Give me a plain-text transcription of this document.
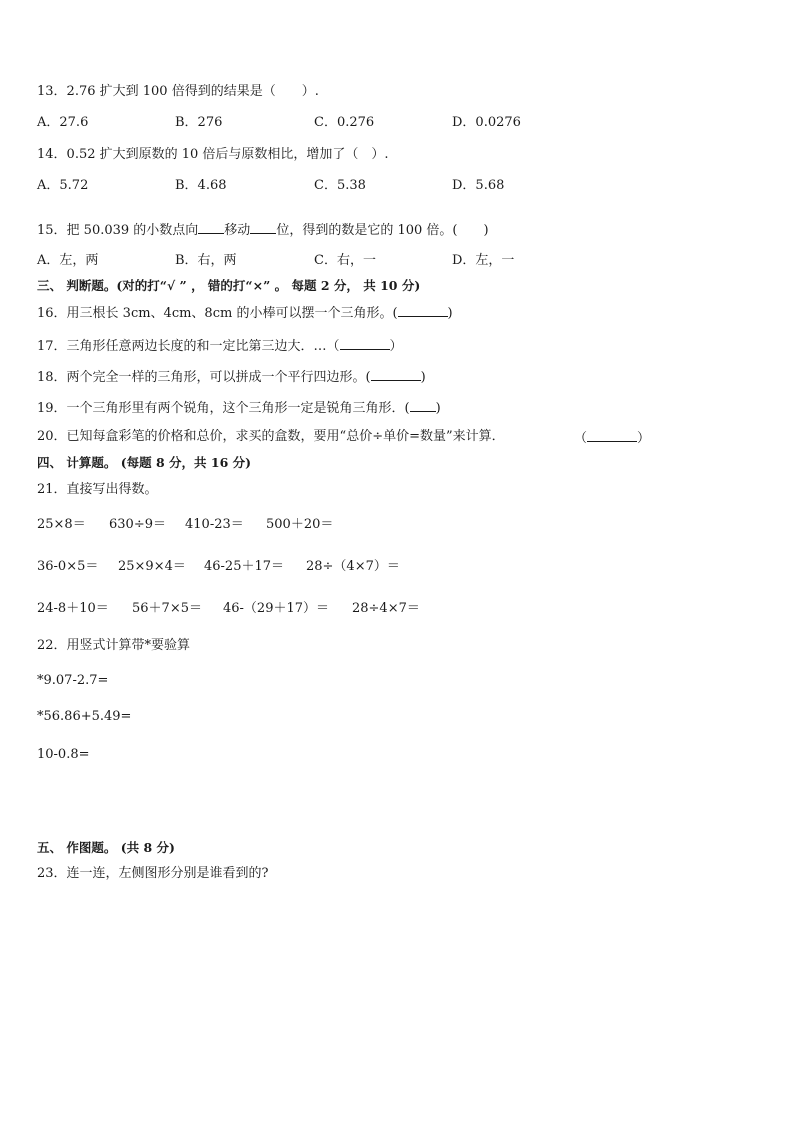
13．2.76 扩大到 100 倍得到的结果是（　　）.
A．27.6	B．276	C．0.276	D．0.0276
14．0.52 扩大到原数的 10 倍后与原数相比，增加了（　）.
A．5.72	B．4.68	C．5.38	D．5.68
15．把 50.039 的小数点向 移动 位，得到的数是它的 100 倍。(　　)
A．左，两	B．右，两	C．右，一	D．左，一
三、 判断题。(对的打“√ ” ， 错的打“×” 。 每题 2 分， 共 10 分)
16．用三根长 3cm、4cm、8cm 的小棒可以摆一个三角形。(	)
17．三角形任意两边长度的和一定比第三边大．…（	）
18．两个完全一样的三角形，可以拼成一个平行四边形。(	)
19．一个三角形里有两个锐角，这个三角形一定是锐角三角形．( )
20．已知每盒彩笔的价格和总价，求买的盒数，要用“总价÷单价=数量”来计算．	（	）
四、 计算题。 (每题 8 分，共 16 分)
21．直接写出得数。
25×8＝ 630÷9＝ 410-23＝ 500＋20＝
36-0×5＝ 25×9×4＝ 46-25＋17＝ 28÷（4×7）＝
24-8＋10＝ 56＋7×5＝ 46-（29＋17）＝ 28÷4×7＝
22．用竖式计算带*要验算
*9.07-2.7=
*56.86+5.49=
10-0.8=
五、 作图题。 (共 8 分)
23．连一连，左侧图形分别是谁看到的?
